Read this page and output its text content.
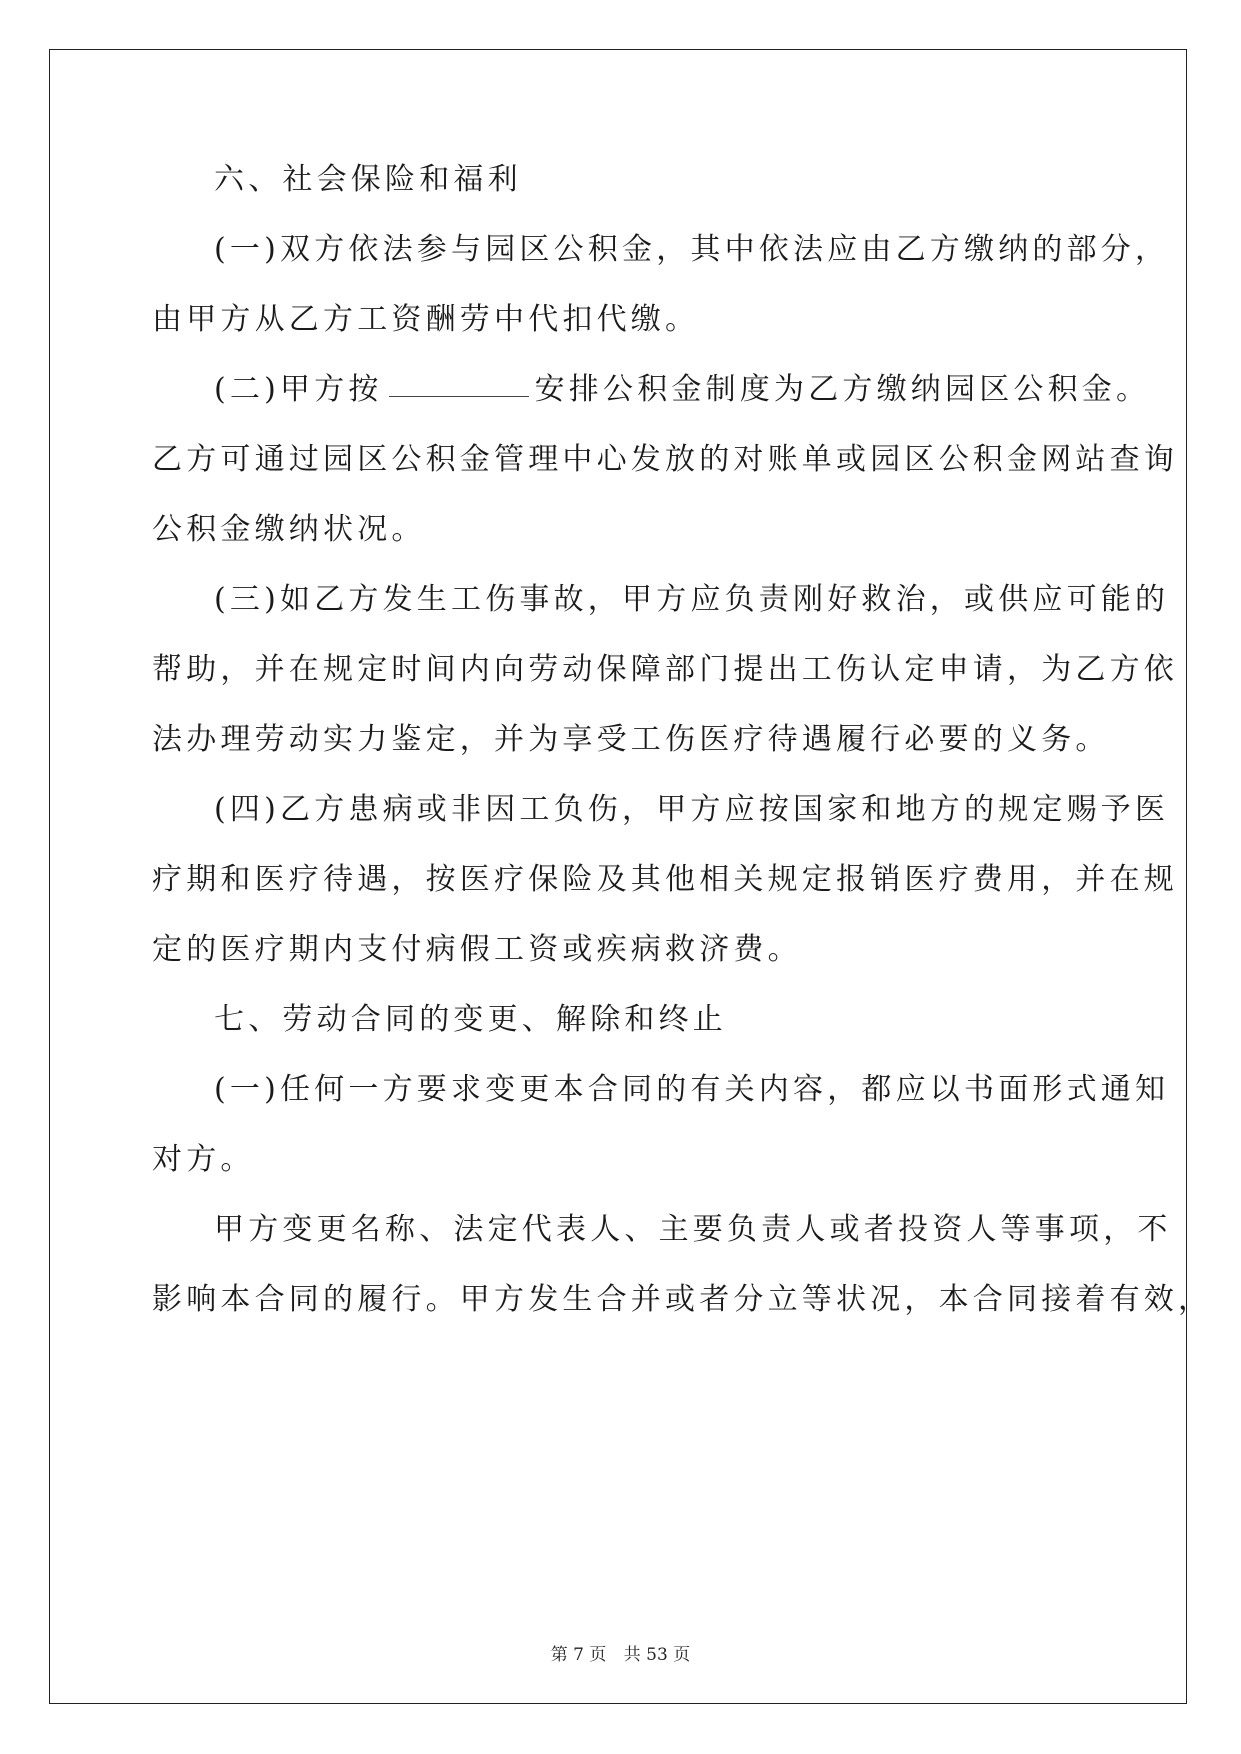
六、社会保险和福利
(一)双方依法参与园区公积金，其中依法应由乙方缴纳的部分，
由甲方从乙方工资酬劳中代扣代缴。
(二)甲方按	安排公积金制度为乙方缴纳园区公积金。
乙方可通过园区公积金管理中心发放的对账单或园区公积金网站查询
公积金缴纳状况。
(三)如乙方发生工伤事故，甲方应负责刚好救治，或供应可能的
帮助，并在规定时间内向劳动保障部门提出工伤认定申请，为乙方依
法办理劳动实力鉴定，并为享受工伤医疗待遇履行必要的义务。
(四)乙方患病或非因工负伤，甲方应按国家和地方的规定赐予医
疗期和医疗待遇，按医疗保险及其他相关规定报销医疗费用，并在规
定的医疗期内支付病假工资或疾病救济费。
七、劳动合同的变更、解除和终止
(一)任何一方要求变更本合同的有关内容，都应以书面形式通知
对方。
甲方变更名称、法定代表人、主要负责人或者投资人等事项，不
影响本合同的履行。甲方发生合并或者分立等状况，本合同接着有效，
第 7 页 共 53 页
